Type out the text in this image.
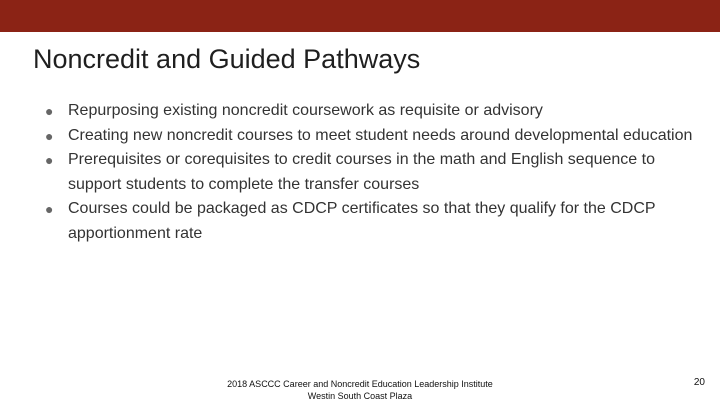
Noncredit and Guided Pathways
● Repurposing existing noncredit coursework as requisite or advisory
● Creating new noncredit courses to meet student needs around developmental education
● Prerequisites or corequisites to credit courses in the math and English sequence to support students to complete the transfer courses
● Courses could be packaged as CDCP certificates so that they qualify for the CDCP apportionment rate
2018 ASCCC Career and Noncredit Education Leadership Institute
Westin South Coast Plaza
20
